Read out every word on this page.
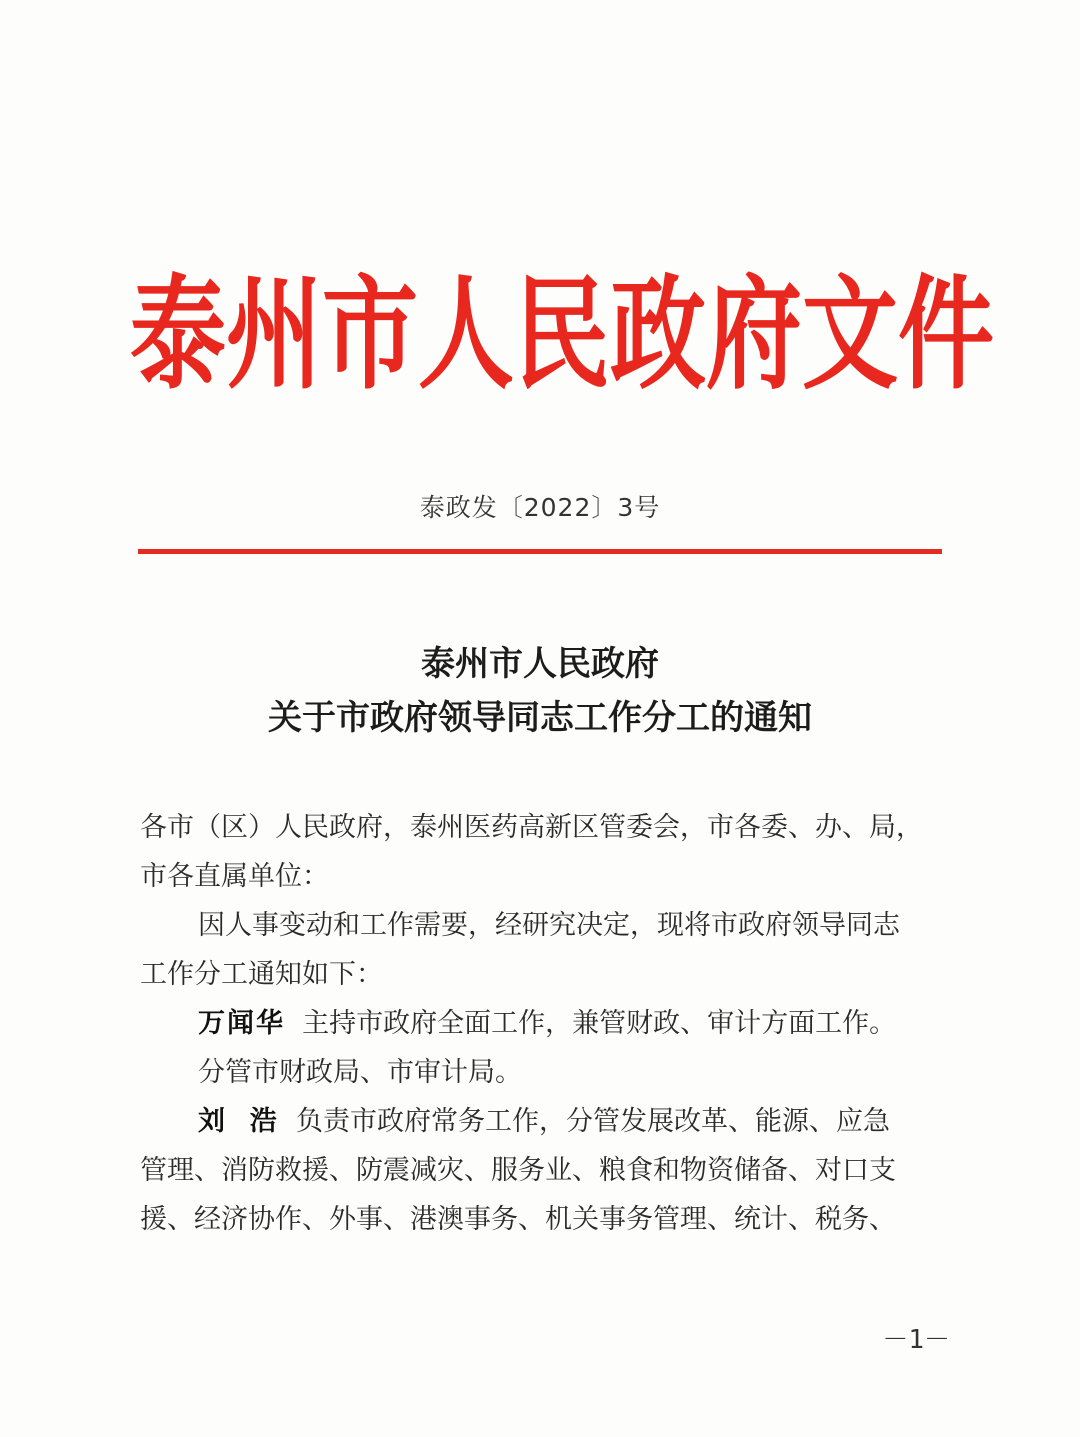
泰 州 市 人 民 政 府 文 件
泰政发〔2022〕3号
泰州市人民政府
关于市政府领导同志工作分工的通知
各市（区）人民政府，泰州医药高新区管委会，市各委、办、局，
市各直属单位：
因人事变动和工作需要，经研究决定，现将市政府领导同志
工作分工通知如下：
万闻华 主持市政府全面工作，兼管财政、审计方面工作。
分管市财政局、市审计局。
刘  浩 负责市政府常务工作，分管发展改革、能源、应急
管理、消防救援、防震减灾、服务业、粮食和物资储备、对口支
援、经济协作、外事、港澳事务、机关事务管理、统计、税务、
－1－
